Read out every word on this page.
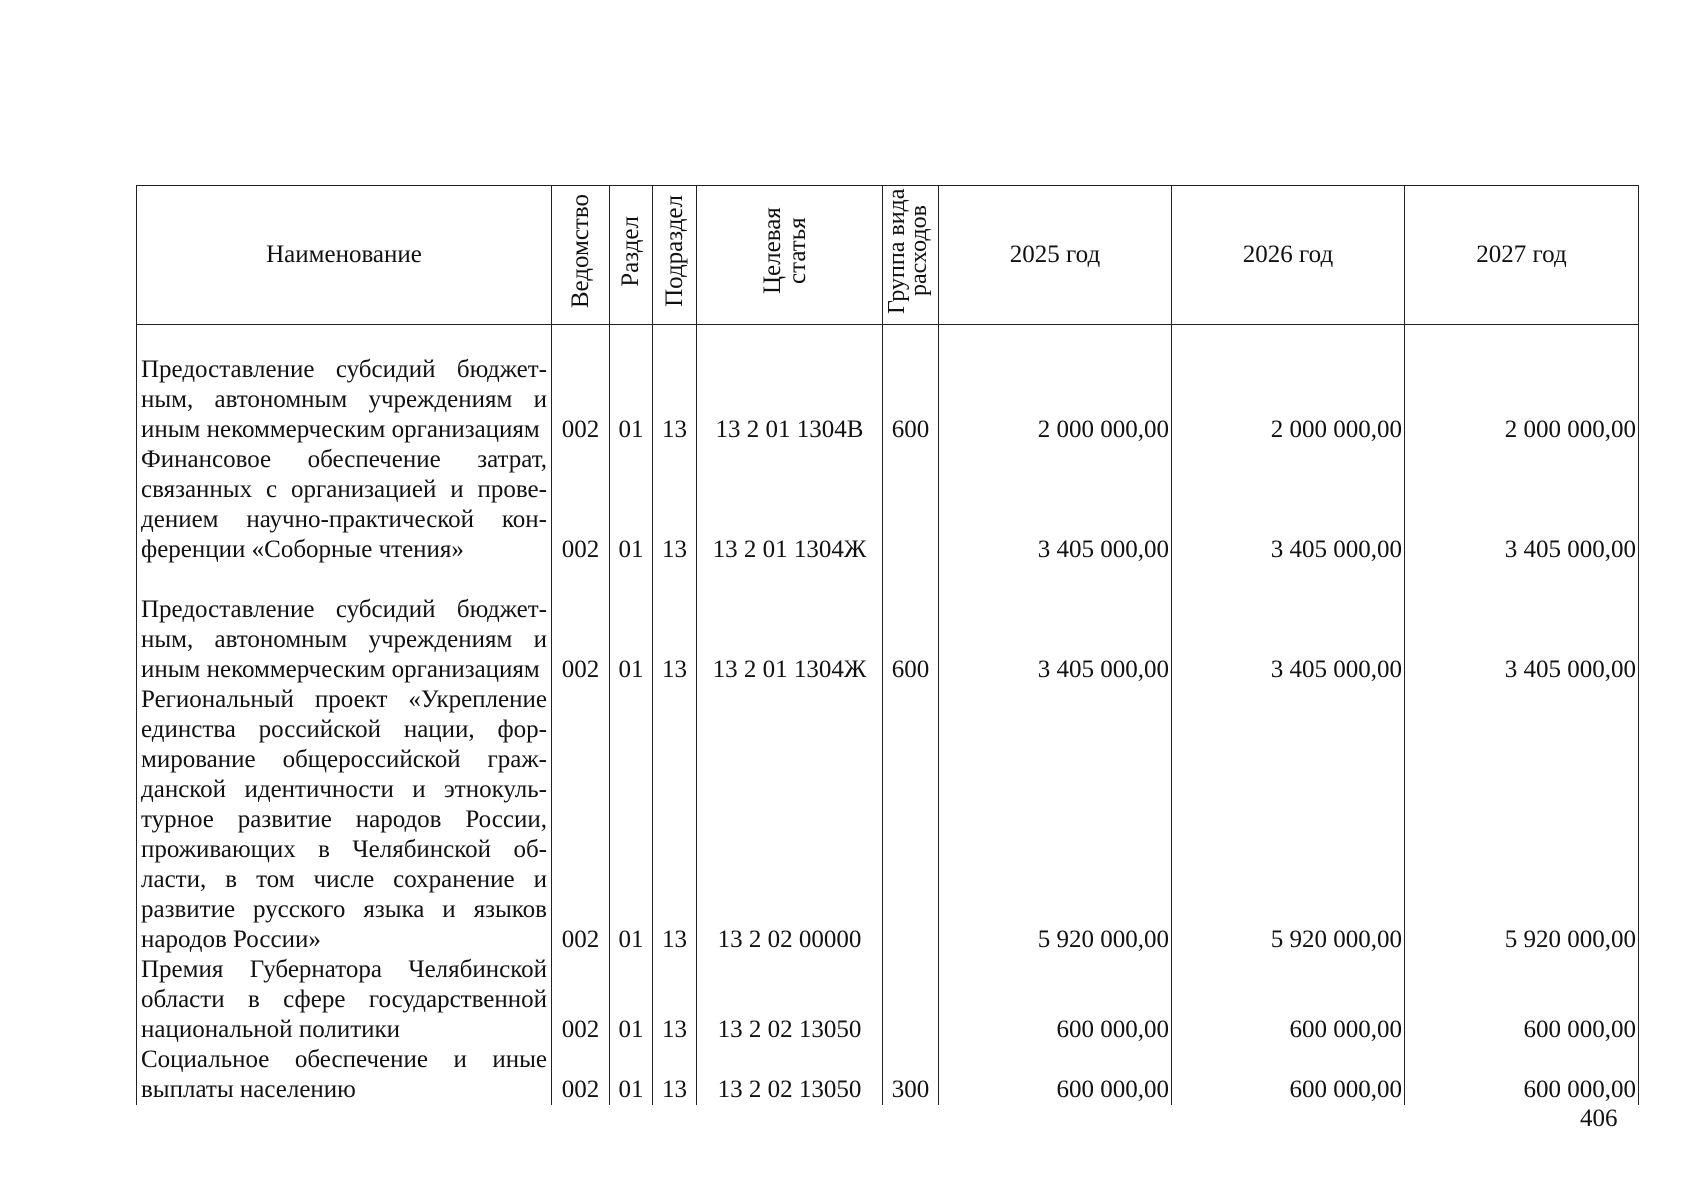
Наименование	Ведомство	Раздел	Подраздел	Целевая статья	Группа вида расходов	2025 год	2026 год	2027 год
Предоставление субсидий бюджетным, автономным учреждениям и иным некоммерческим организациям	002	01	13	13 2 01 1304В	600	2 000 000,00	2 000 000,00	2 000 000,00
Финансовое обеспечение затрат, связанных с организацией и проведением научно-практической конференции «Соборные чтения»	002	01	13	13 2 01 1304Ж		3 405 000,00	3 405 000,00	3 405 000,00
Предоставление субсидий бюджетным, автономным учреждениям и иным некоммерческим организациям	002	01	13	13 2 01 1304Ж	600	3 405 000,00	3 405 000,00	3 405 000,00
Региональный проект «Укрепление единства российской нации, формирование общероссийской гражданской идентичности и этнокультурное развитие народов России, проживающих в Челябинской области, в том числе сохранение и развитие русского языка и языков народов России»	002	01	13	13 2 02 00000		5 920 000,00	5 920 000,00	5 920 000,00
Премия Губернатора Челябинской области в сфере государственной национальной политики	002	01	13	13 2 02 13050		600 000,00	600 000,00	600 000,00
Социальное обеспечение и иные выплаты населению	002	01	13	13 2 02 13050	300	600 000,00	600 000,00	600 000,00
406
